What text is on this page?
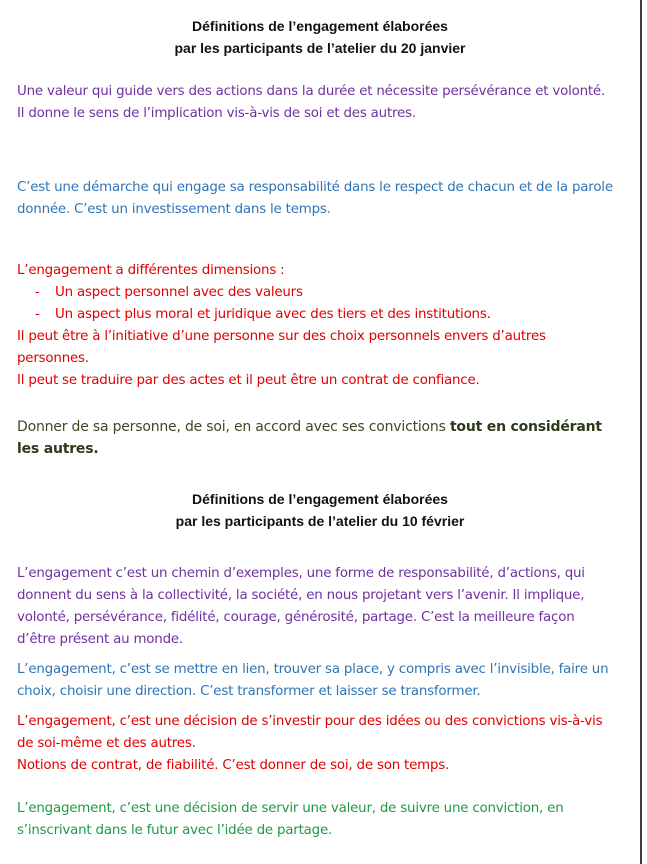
Définitions de l’engagement élaborées
par les participants de l’atelier du 20 janvier

Une valeur qui guide vers des actions dans la durée et nécessite persévérance et volonté.

Il donne le sens de l’implication vis-à-vis de soi et des autres.

C’est une démarche qui engage sa responsabilité dans le respect de chacun et de la parole donnée. C’est un investissement dans le temps.

L’engagement a différentes dimensions :

- Un aspect personnel avec des valeurs
- Un aspect plus moral et juridique avec des tiers et des institutions.

Il peut être à l’initiative d’une personne sur des choix personnels envers d’autres personnes.

Il peut se traduire par des actes et il peut être un contrat de confiance.

Donner de sa personne, de soi, en accord avec ses convictions tout en considérant les autres.

Définitions de l’engagement élaborées
par les participants de l’atelier du 10 février

L’engagement c’est un chemin d’exemples, une forme de responsabilité, d’actions, qui donnent du sens à la collectivité, la société, en nous projetant vers l’avenir. Il implique, volonté, persévérance, fidélité, courage, générosité, partage. C’est la meilleure façon d’être présent au monde.

L’engagement, c’est se mettre en lien, trouver sa place, y compris avec l’invisible, faire un choix, choisir une direction. C’est transformer et laisser se transformer.

L’engagement, c’est une décision de s’investir pour des idées ou des convictions vis-à-vis de soi-même et des autres.

Notions de contrat, de fiabilité. C’est donner de soi, de son temps.

L’engagement, c’est une décision de servir une valeur, de suivre une conviction, en s’inscrivant dans le futur avec l’idée de partage.
